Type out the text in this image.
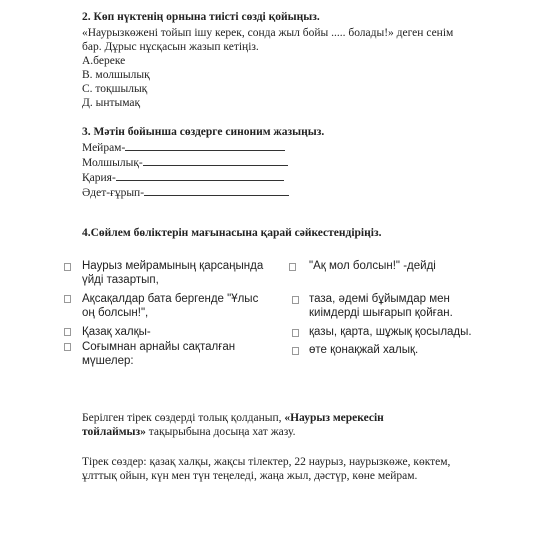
2. Көп нүктенің орнына тиісті сөзді қойыңыз.
«Наурызкөжені тойып ішу керек, сонда жыл бойы ..... болады!» деген сенім
бар. Дұрыс нұсқасын жазып кетіңіз.
А.береке
В. молшылық
С. тоқшылық
Д. ынтымақ
3. Мәтін бойынша сөздерге синоним жазыңыз.
Мейрам-
Молшылық-
Қария-
Әдет-ғұрып-
4.Сөйлем бөліктерін мағынасына қарай сәйкестендіріңіз.
Наурыз мейрамының қарсаңында
үйді тазартып,
Ақсақалдар бата бергенде "Ұлыс
оң болсын!",
Қазақ халқы-
Соғымнан арнайы сақталған
мүшелер:
"Ақ мол болсын!" -дейді
таза, әдемі бұйымдар мен
киімдерді шығарып қойған.
қазы, қарта, шұжық қосылады.
өте қонақжай халық.
Берілген тірек сөздерді толық қолданып, «Наурыз мерекесін
тойлаймыз» тақырыбына досыңа хат жазу.
Тірек сөздер: қазақ халқы, жақсы тілектер, 22 наурыз, наурызкөже, көктем,
ұлттық ойын, күн мен түн теңеледі, жаңа жыл, дәстүр, көне мейрам.
